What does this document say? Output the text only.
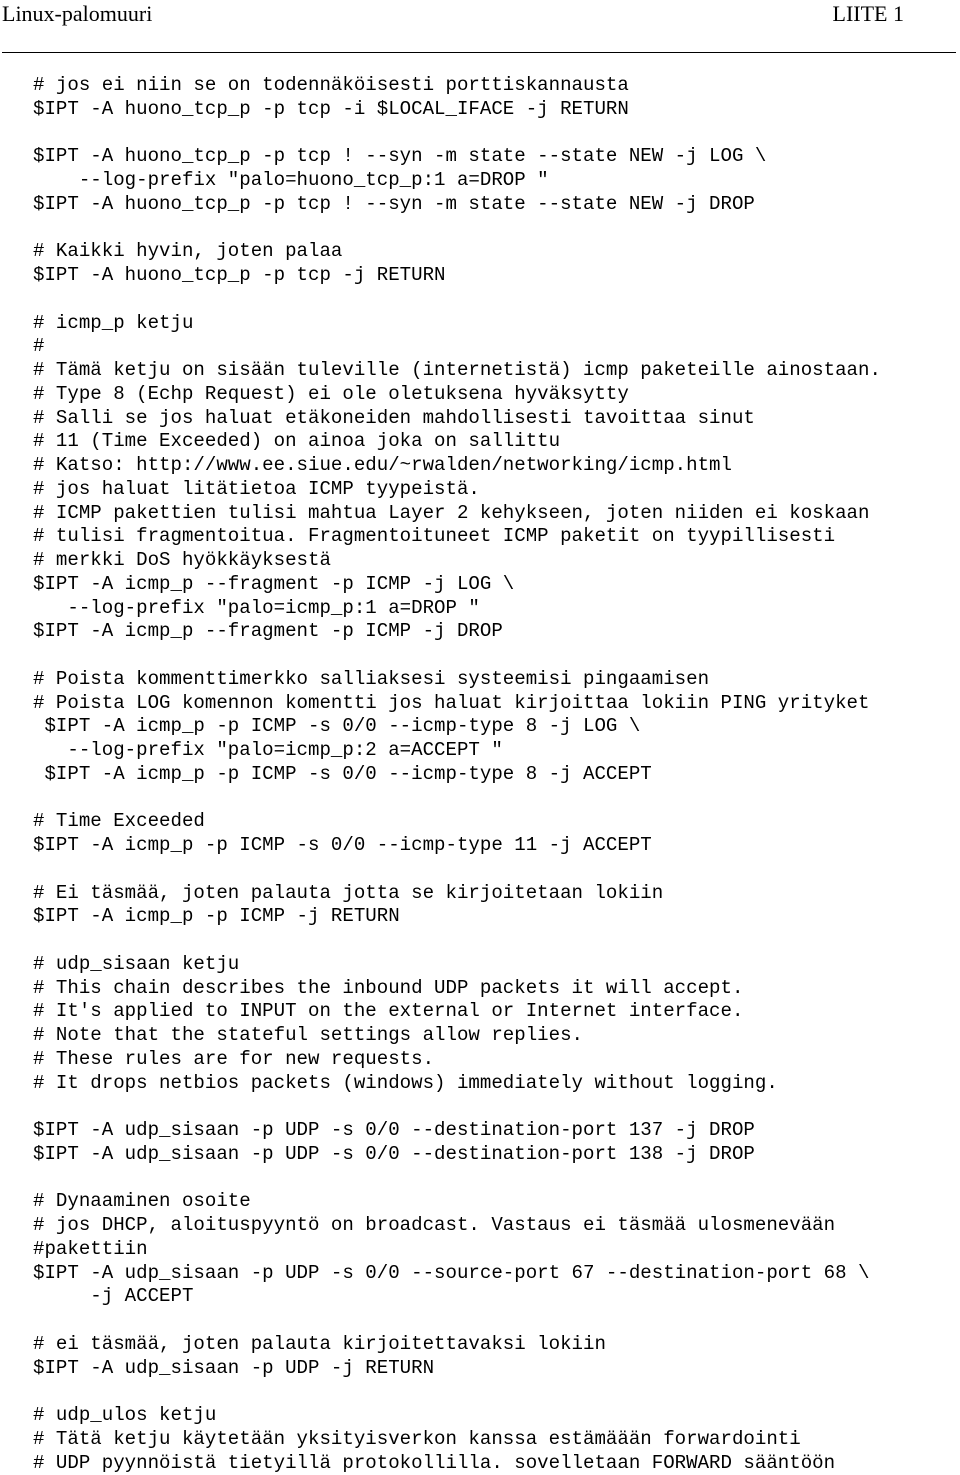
Linux-palomuuri	LIITE 1
# jos ei niin se on todennäköisesti porttiskannausta
$IPT -A huono_tcp_p -p tcp -i $LOCAL_IFACE -j RETURN
$IPT -A huono_tcp_p -p tcp ! --syn -m state --state NEW -j LOG \
--log-prefix "palo=huono_tcp_p:1 a=DROP "
$IPT -A huono_tcp_p -p tcp ! --syn -m state --state NEW -j DROP
# Kaikki hyvin, joten palaa
$IPT -A huono_tcp_p -p tcp -j RETURN
# icmp_p ketju
#
# Tämä ketju on sisään tuleville (internetistä) icmp paketeille ainostaan.
# Type 8 (Echp Request) ei ole oletuksena hyväksytty
# Salli se jos haluat etäkoneiden mahdollisesti tavoittaa sinut
# 11 (Time Exceeded) on ainoa joka on sallittu
# Katso: http://www.ee.siue.edu/~rwalden/networking/icmp.html
# jos haluat litätietoa ICMP tyypeistä.
# ICMP pakettien tulisi mahtua Layer 2 kehykseen, joten niiden ei koskaan
# tulisi fragmentoitua. Fragmentoituneet ICMP paketit on tyypillisesti
# merkki DoS hyökkäyksestä
$IPT -A icmp_p --fragment -p ICMP -j LOG \
--log-prefix "palo=icmp_p:1 a=DROP "
$IPT -A icmp_p --fragment -p ICMP -j DROP
# Poista kommenttimerkko salliaksesi systeemisi pingaamisen
# Poista LOG komennon komentti jos haluat kirjoittaa lokiin PING yrityket
$IPT -A icmp_p -p ICMP -s 0/0 --icmp-type 8 -j LOG \
--log-prefix "palo=icmp_p:2 a=ACCEPT "
$IPT -A icmp_p -p ICMP -s 0/0 --icmp-type 8 -j ACCEPT
# Time Exceeded
$IPT -A icmp_p -p ICMP -s 0/0 --icmp-type 11 -j ACCEPT
# Ei täsmää, joten palauta jotta se kirjoitetaan lokiin
$IPT -A icmp_p -p ICMP -j RETURN
# udp_sisaan ketju
# This chain describes the inbound UDP packets it will accept.
# It's applied to INPUT on the external or Internet interface.
# Note that the stateful settings allow replies.
# These rules are for new requests.
# It drops netbios packets (windows) immediately without logging.
$IPT -A udp_sisaan -p UDP -s 0/0 --destination-port 137 -j DROP
$IPT -A udp_sisaan -p UDP -s 0/0 --destination-port 138 -j DROP
# Dynaaminen osoite
# jos DHCP, aloituspyyntö on broadcast. Vastaus ei täsmää ulosmenevään
#pakettiin
$IPT -A udp_sisaan -p UDP -s 0/0 --source-port 67 --destination-port 68 \
-j ACCEPT
# ei täsmää, joten palauta kirjoitettavaksi lokiin
$IPT -A udp_sisaan -p UDP -j RETURN
# udp_ulos ketju
# Tätä ketju käytetään yksityisverkon kanssa estämäään forwardointi
# UDP pyynnöistä tietyillä protokollilla. sovelletaan FORWARD sääntöön
